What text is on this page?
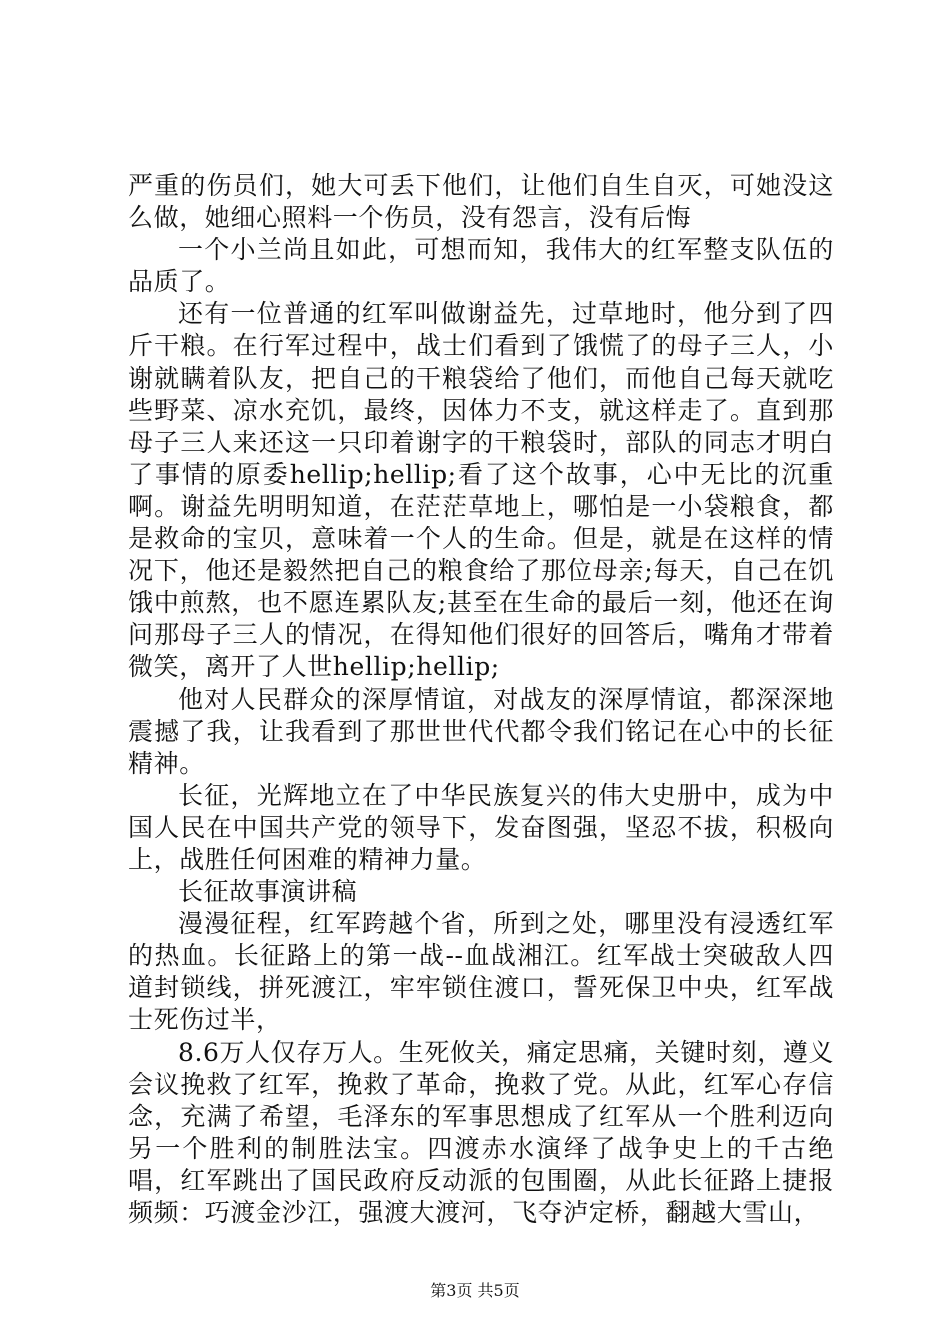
严重的伤员们，她大可丢下他们，让他们自生自灭，可她没这么做，她细心照料一个伤员，没有怨言，没有后悔

一个小兰尚且如此，可想而知，我伟大的红军整支队伍的品质了。

还有一位普通的红军叫做谢益先，过草地时，他分到了四斤干粮。在行军过程中，战士们看到了饿慌了的母子三人，小谢就瞒着队友，把自己的干粮袋给了他们，而他自己每天就吃些野菜、凉水充饥，最终，因体力不支，就这样走了。直到那母子三人来还这一只印着谢字的干粮袋时，部队的同志才明白了事情的原委hellip;hellip;看了这个故事，心中无比的沉重啊。谢益先明明知道，在茫茫草地上，哪怕是一小袋粮食，都是救命的宝贝，意味着一个人的生命。但是，就是在这样的情况下，他还是毅然把自己的粮食给了那位母亲;每天，自己在饥饿中煎熬，也不愿连累队友;甚至在生命的最后一刻，他还在询问那母子三人的情况，在得知他们很好的回答后，嘴角才带着微笑，离开了人世hellip;hellip;

他对人民群众的深厚情谊，对战友的深厚情谊，都深深地震撼了我，让我看到了那世世代代都令我们铭记在心中的长征精神。

长征，光辉地立在了中华民族复兴的伟大史册中，成为中国人民在中国共产党的领导下，发奋图强，坚忍不拔，积极向上，战胜任何困难的精神力量。

长征故事演讲稿

漫漫征程，红军跨越个省，所到之处，哪里没有浸透红军的热血。长征路上的第一战--血战湘江。红军战士突破敌人四道封锁线，拼死渡江，牢牢锁住渡口，誓死保卫中央，红军战士死伤过半，

8.6万人仅存万人。生死攸关，痛定思痛，关键时刻，遵义会议挽救了红军，挽救了革命，挽救了党。从此，红军心存信念，充满了希望，毛泽东的军事思想成了红军从一个胜利迈向另一个胜利的制胜法宝。四渡赤水演绎了战争史上的千古绝唱，红军跳出了国民政府反动派的包围圈，从此长征路上捷报频频：巧渡金沙江，强渡大渡河，飞夺泸定桥，翻越大雪山，

第3页 共5页
